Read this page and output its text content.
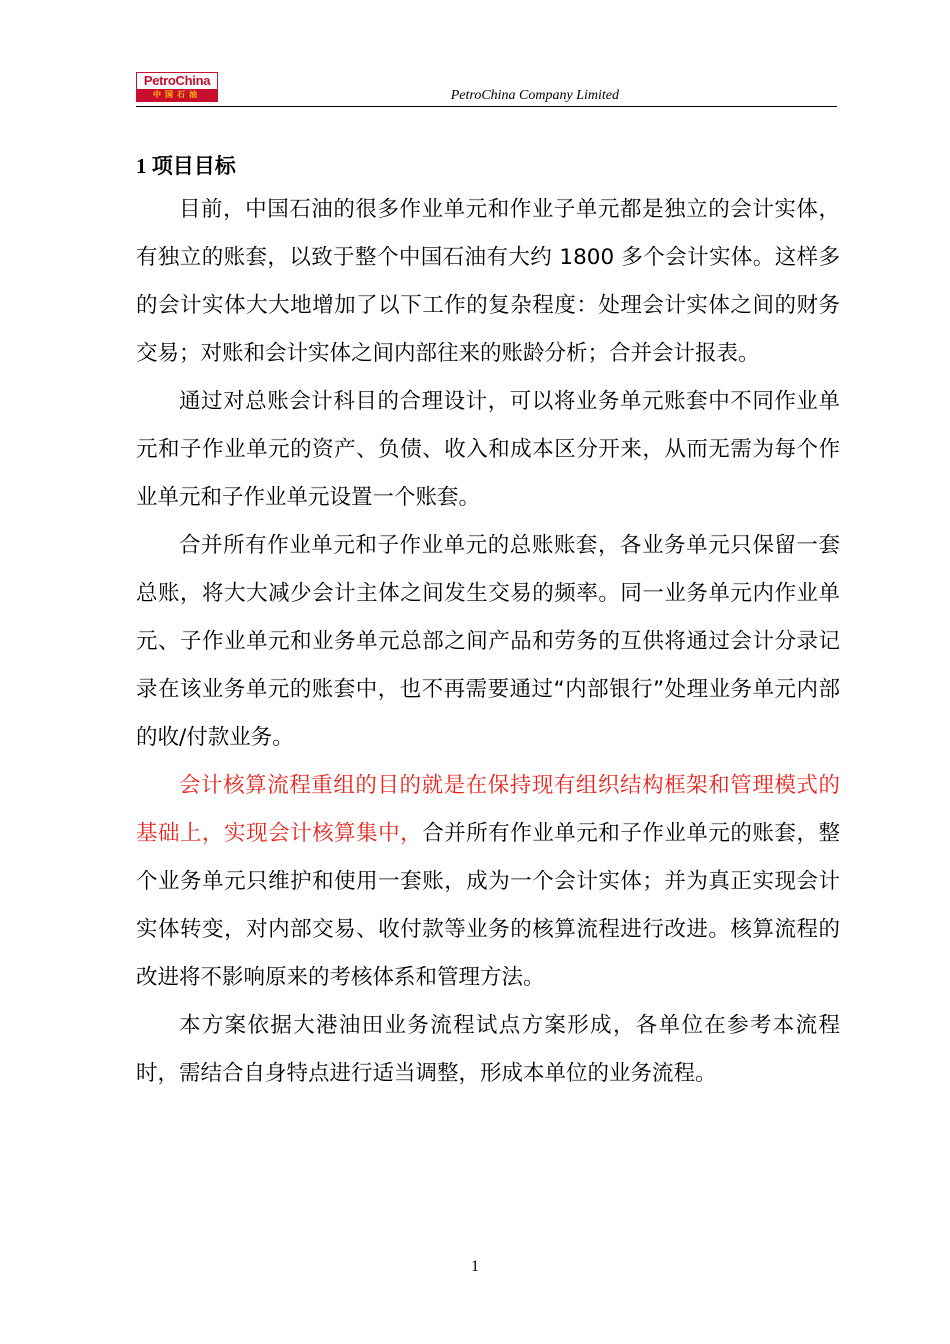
PetroChina
中国石油	PetroChina Company Limited
1 项目目标

目前，中国石油的很多作业单元和作业子单元都是独立的会计实体，有独立的账套，以致于整个中国石油有大约 1800 多个会计实体。这样多的会计实体大大地增加了以下工作的复杂程度：处理会计实体之间的财务交易；对账和会计实体之间内部往来的账龄分析；合并会计报表。

通过对总账会计科目的合理设计，可以将业务单元账套中不同作业单元和子作业单元的资产、负债、收入和成本区分开来，从而无需为每个作业单元和子作业单元设置一个账套。

合并所有作业单元和子作业单元的总账账套，各业务单元只保留一套总账，将大大减少会计主体之间发生交易的频率。同一业务单元内作业单元、子作业单元和业务单元总部之间产品和劳务的互供将通过会计分录记录在该业务单元的账套中，也不再需要通过“内部银行”处理业务单元内部的收/付款业务。

会计核算流程重组的目的就是在保持现有组织结构框架和管理模式的基础上，实现会计核算集中，合并所有作业单元和子作业单元的账套，整个业务单元只维护和使用一套账，成为一个会计实体；并为真正实现会计实体转变，对内部交易、收付款等业务的核算流程进行改进。核算流程的改进将不影响原来的考核体系和管理方法。

本方案依据大港油田业务流程试点方案形成，各单位在参考本流程时，需结合自身特点进行适当调整，形成本单位的业务流程。

1
